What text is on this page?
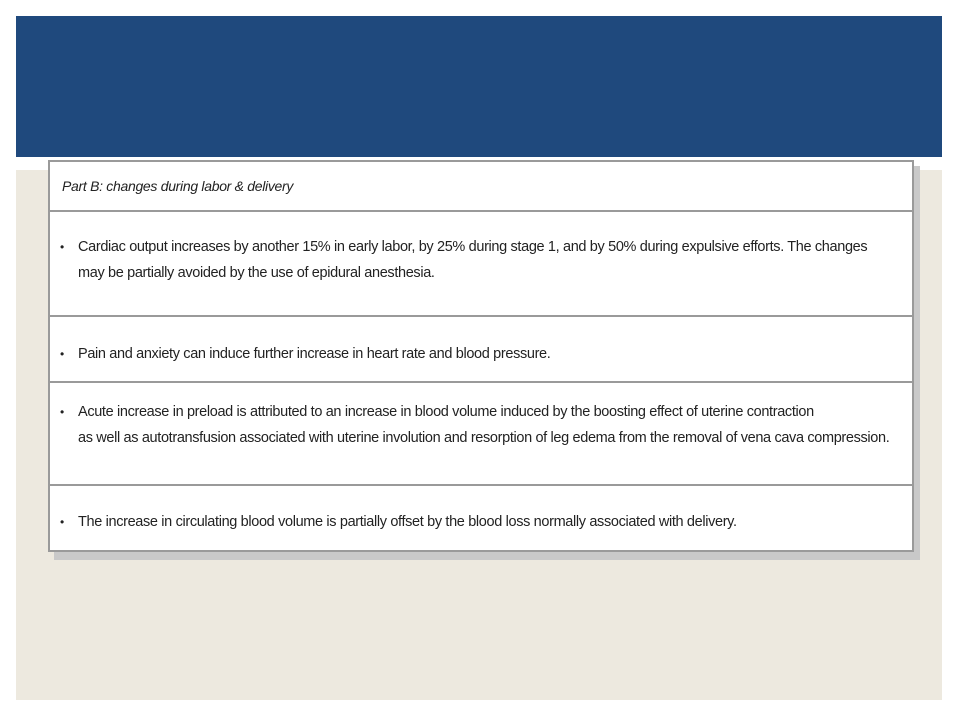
Part B: changes during labor & delivery
• Cardiac output increases by another 15% in early labor, by 25% during stage 1, and by 50% during expulsive efforts. The changes
may be partially avoided by the use of epidural anesthesia.
• Pain and anxiety can induce further increase in heart rate and blood pressure.
• Acute increase in preload is attributed to an increase in blood volume induced by the boosting effect of uterine contraction
as well as autotransfusion associated with uterine involution and resorption of leg edema from the removal of vena cava compression.
• The increase in circulating blood volume is partially offset by the blood loss normally associated with delivery.
